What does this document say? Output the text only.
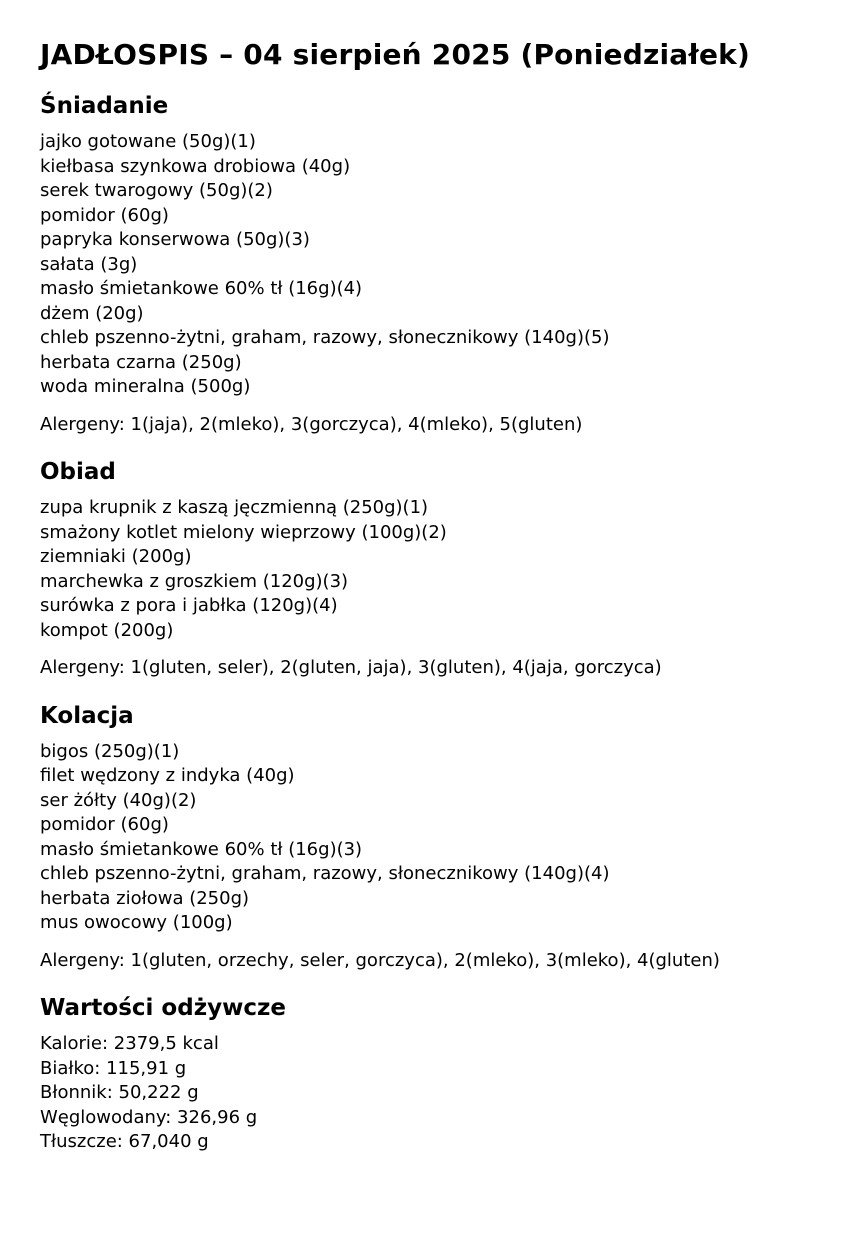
JADŁOSPIS – 04 sierpień 2025 (Poniedziałek)
Śniadanie

jajko gotowane (50g)(1)

kiełbasa szynkowa drobiowa (40g)

serek twarogowy (50g)(2)

pomidor (60g)

papryka konserwowa (50g)(3)

sałata (3g)

masło śmietankowe 60% tł (16g)(4)

dżem (20g)

chleb pszenno-żytni, graham, razowy, słonecznikowy (140g)(5)

herbata czarna (250g)

woda mineralna (500g)

Alergeny: 1(jaja), 2(mleko), 3(gorczyca), 4(mleko), 5(gluten)

Obiad

zupa krupnik z kaszą jęczmienną (250g)(1)

smażony kotlet mielony wieprzowy (100g)(2)

ziemniaki (200g)

marchewka z groszkiem (120g)(3)

surówka z pora i jabłka (120g)(4)

kompot (200g)

Alergeny: 1(gluten, seler), 2(gluten, jaja), 3(gluten), 4(jaja, gorczyca)

Kolacja

bigos (250g)(1)

filet wędzony z indyka (40g)

ser żółty (40g)(2)

pomidor (60g)

masło śmietankowe 60% tł (16g)(3)

chleb pszenno-żytni, graham, razowy, słonecznikowy (140g)(4)

herbata ziołowa (250g)

mus owocowy (100g)

Alergeny: 1(gluten, orzechy, seler, gorczyca), 2(mleko), 3(mleko), 4(gluten)

Wartości odżywcze

Kalorie: 2379,5 kcal

Białko: 115,91 g

Błonnik: 50,222 g

Węglowodany: 326,96 g

Tłuszcze: 67,040 g
